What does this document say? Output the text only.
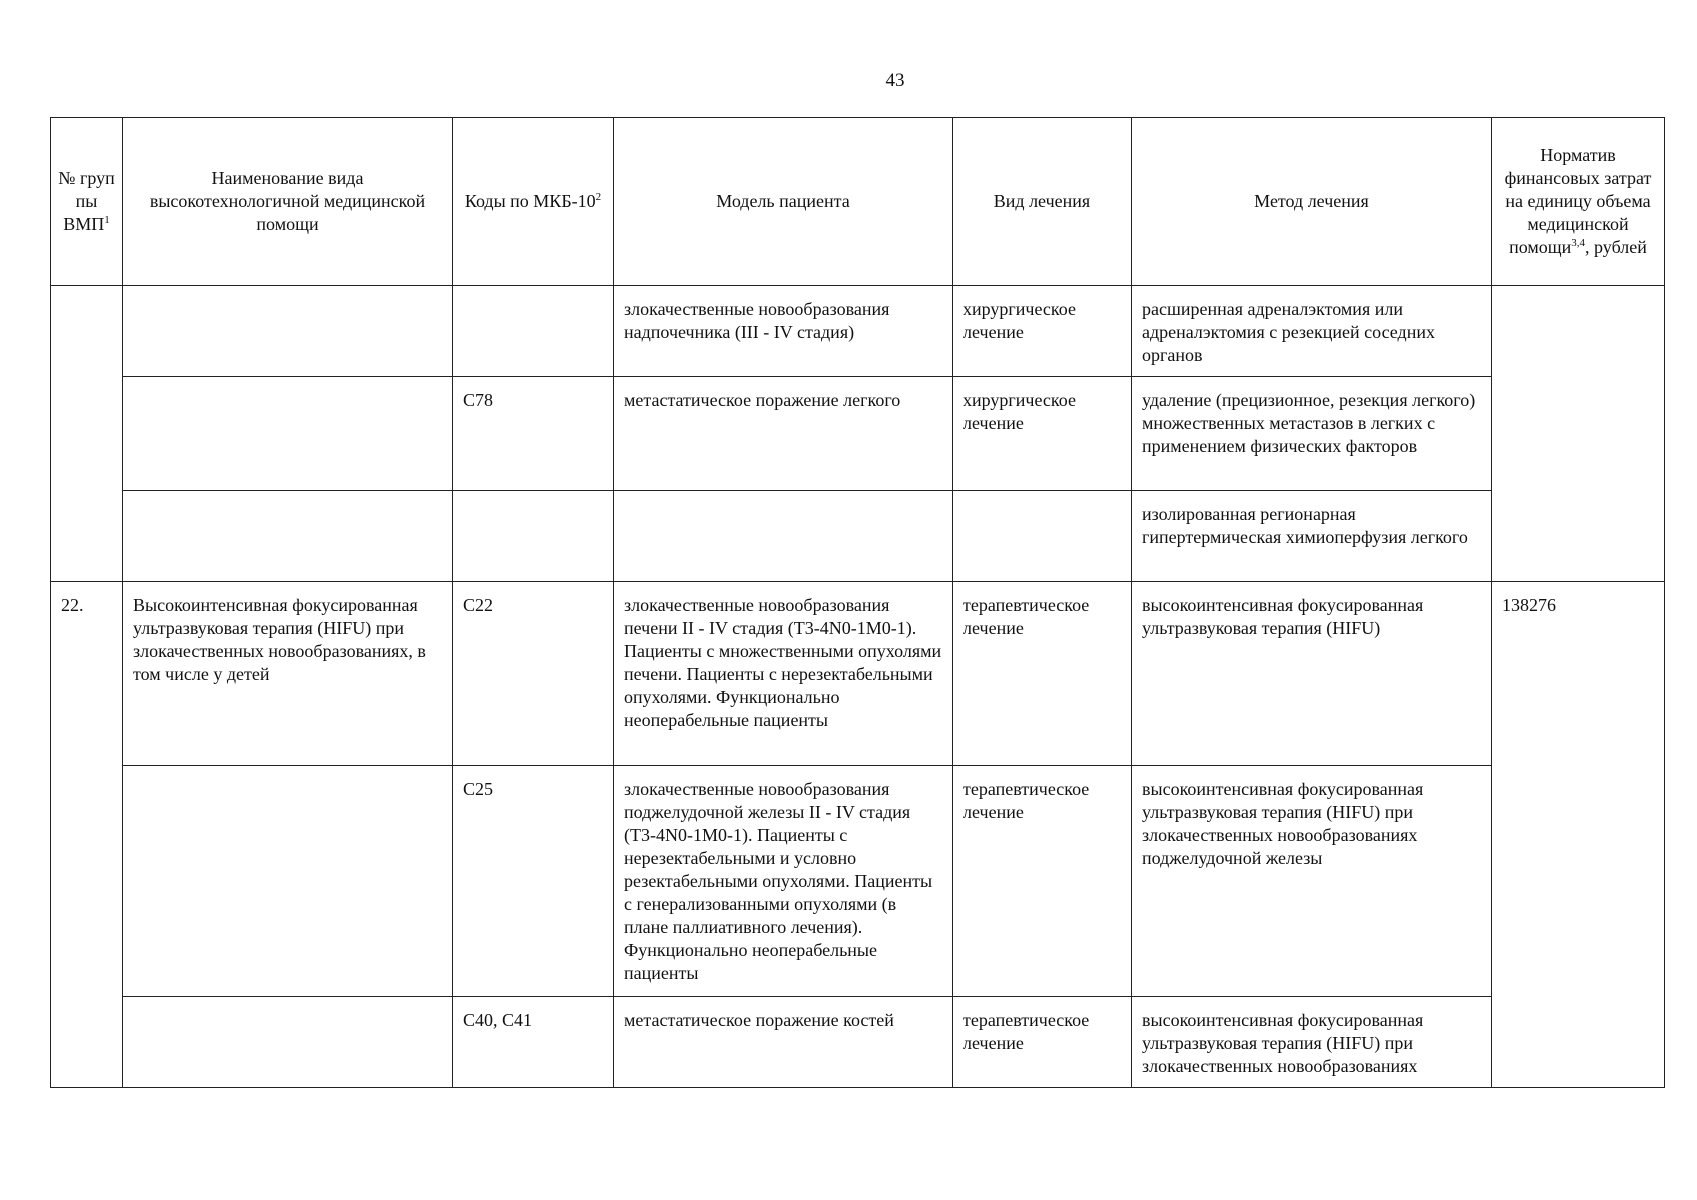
43
№ груп пы ВМП$^1$	Наименование вида высокотехнологичной медицинской помощи	Коды по МКБ-$10^2$	Модель пациента	Вид лечения	Метод лечения	Норматив финансовых затрат на единицу объема медицинской помощи$^{3,4}$, рублей
			злокачественные новообразования надпочечника (III - IV стадия)	хирургическое лечение	расширенная адреналэктомия или адреналэктомия с резекцией соседних органов	
		C78	метастатическое поражение легкого	хирургическое лечение	удаление (прецизионное, резекция легкого) множественных метастазов в легких с применением физических факторов	
					изолированная регионарная гипертермическая химиоперфузия легкого	
22.	Высокоинтенсивная фокусированная ультразвуковая терапия (HIFU) при злокачественных новообразованиях, в том числе у детей	C22	злокачественные новообразования печени II - IV стадия (T3-4N0-1M0-1). Пациенты с множественными опухолями печени. Пациенты с нерезектабельными опухолями. Функционально неоперабельные пациенты	терапевтическое лечение	высокоинтенсивная фокусированная ультразвуковая терапия (HIFU)	138276
		C25	злокачественные новообразования поджелудочной железы II - IV стадия (T3-4N0-1M0-1). Пациенты с нерезектабельными и условно резектабельными опухолями. Пациенты с генерализованными опухолями (в плане паллиативного лечения). Функционально неоперабельные пациенты	терапевтическое лечение	высокоинтенсивная фокусированная ультразвуковая терапия (HIFU) при злокачественных новообразованиях поджелудочной железы	
		C40, C41	метастатическое поражение костей	терапевтическое лечение	высокоинтенсивная фокусированная ультразвуковая терапия (HIFU) при злокачественных новообразованиях	
